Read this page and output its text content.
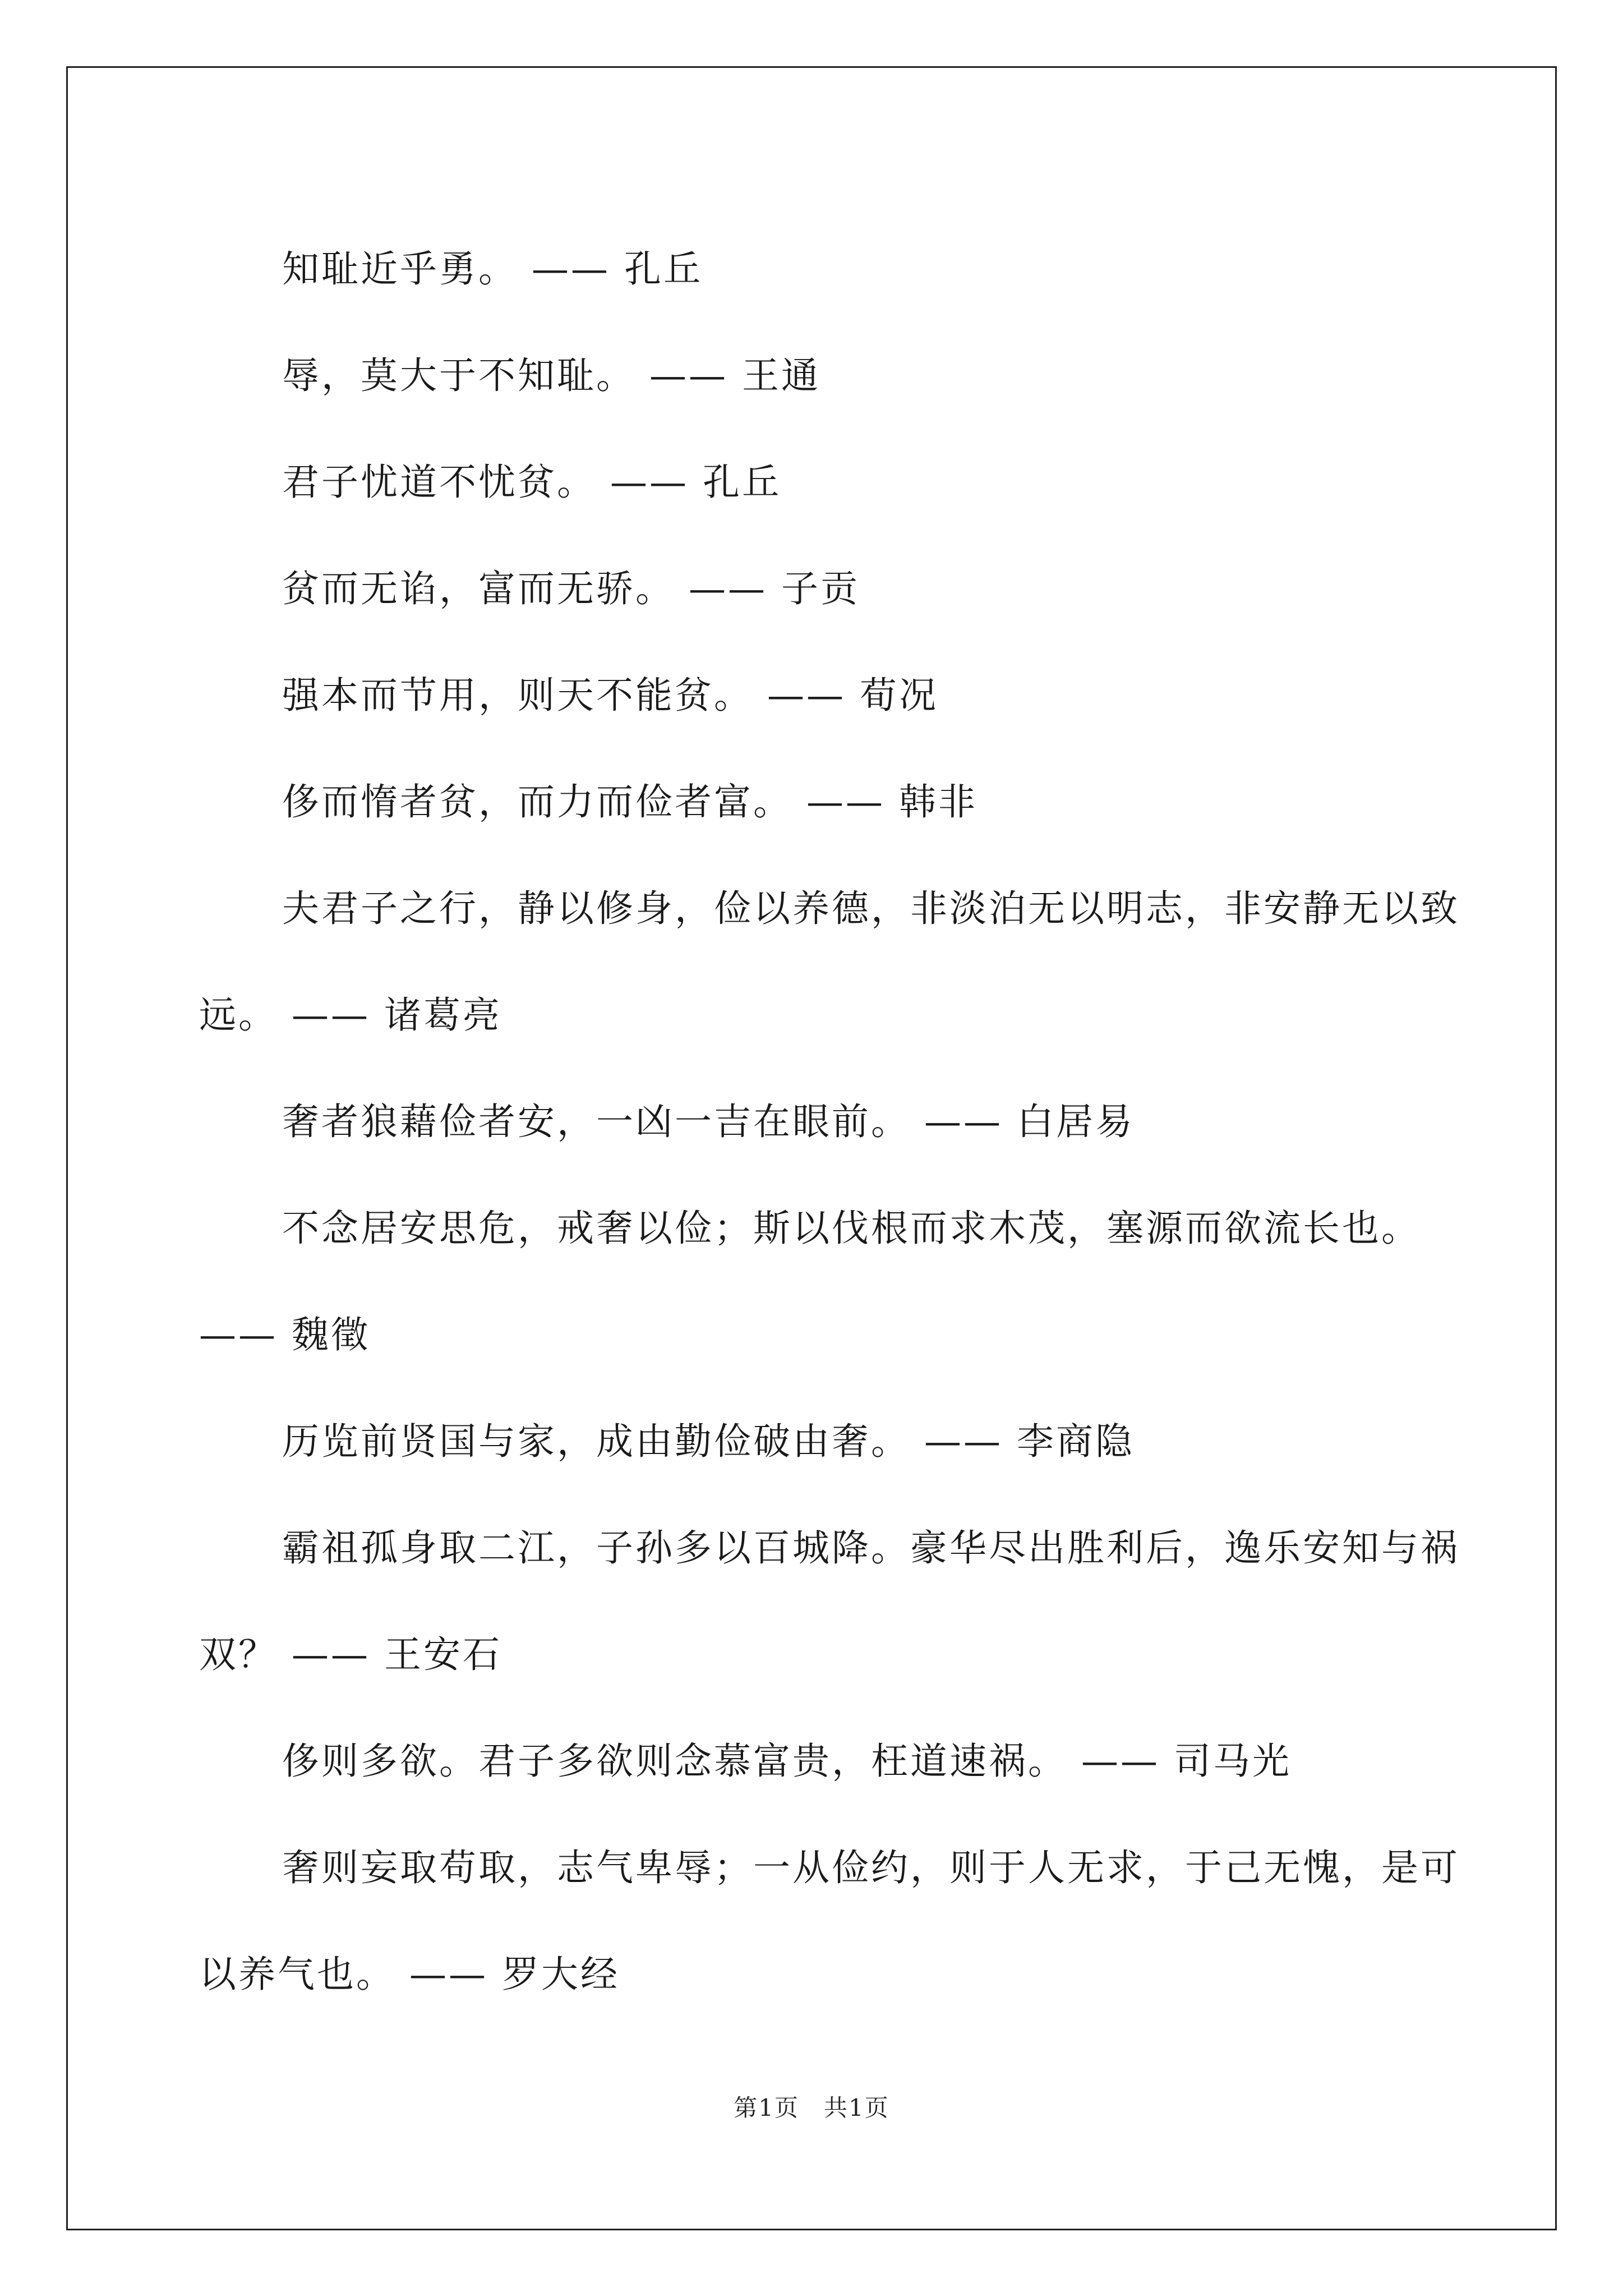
知耻近乎勇。 —— 孔丘

辱，莫大于不知耻。 —— 王通

君子忧道不忧贫。 —— 孔丘

贫而无谄，富而无骄。 —— 子贡

强本而节用，则天不能贫。 —— 荀况

侈而惰者贫，而力而俭者富。 —— 韩非

夫君子之行，静以修身，俭以养德，非淡泊无以明志，非安静无以致远。 —— 诸葛亮

奢者狼藉俭者安，一凶一吉在眼前。 —— 白居易

不念居安思危，戒奢以俭；斯以伐根而求木茂，塞源而欲流长也。—— 魏徵

历览前贤国与家，成由勤俭破由奢。 —— 李商隐

霸祖孤身取二江，子孙多以百城降。豪华尽出胜利后，逸乐安知与祸双？ —— 王安石

侈则多欲。君子多欲则念慕富贵，枉道速祸。 —— 司马光

奢则妄取苟取，志气卑辱；一从俭约，则于人无求，于己无愧，是可以养气也。 —— 罗大经

第1页　共1页
